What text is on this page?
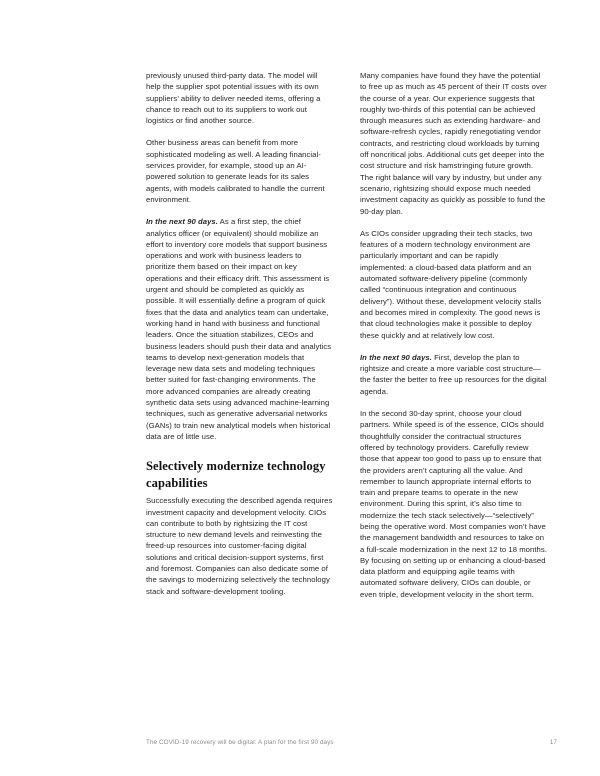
previously unused third-party data. The model will help the supplier spot potential issues with its own suppliers’ ability to deliver needed items, offering a chance to reach out to its suppliers to work out logistics or find another source.

Other business areas can benefit from more sophisticated modeling as well. A leading financial-services provider, for example, stood up an AI-powered solution to generate leads for its sales agents, with models calibrated to handle the current environment.

In the next 90 days. As a first step, the chief analytics officer (or equivalent) should mobilize an effort to inventory core models that support business operations and work with business leaders to prioritize them based on their impact on key operations and their efficacy drift. This assessment is urgent and should be completed as quickly as possible. It will essentially define a program of quick fixes that the data and analytics team can undertake, working hand in hand with business and functional leaders. Once the situation stabilizes, CEOs and business leaders should push their data and analytics teams to develop next-generation models that leverage new data sets and modeling techniques better suited for fast-changing environments. The more advanced companies are already creating synthetic data sets using advanced machine-learning techniques, such as generative adversarial networks (GANs) to train new analytical models when historical data are of little use.

Selectively modernize technology capabilities

Successfully executing the described agenda requires investment capacity and development velocity. CIOs can contribute to both by rightsizing the IT cost structure to new demand levels and reinvesting the freed-up resources into customer-facing digital solutions and critical decision-support systems, first and foremost. Companies can also dedicate some of the savings to modernizing selectively the technology stack and software-development tooling.

Many companies have found they have the potential to free up as much as 45 percent of their IT costs over the course of a year. Our experience suggests that roughly two-thirds of this potential can be achieved through measures such as extending hardware- and software-refresh cycles, rapidly renegotiating vendor contracts, and restricting cloud workloads by turning off noncritical jobs. Additional cuts get deeper into the cost structure and risk hamstringing future growth. The right balance will vary by industry, but under any scenario, rightsizing should expose much needed investment capacity as quickly as possible to fund the 90-day plan.

As CIOs consider upgrading their tech stacks, two features of a modern technology environment are particularly important and can be rapidly implemented: a cloud-based data platform and an automated software-delivery pipeline (commonly called “continuous integration and continuous delivery”). Without these, development velocity stalls and becomes mired in complexity. The good news is that cloud technologies make it possible to deploy these quickly and at relatively low cost.

In the next 90 days. First, develop the plan to rightsize and create a more variable cost structure—the faster the better to free up resources for the digital agenda.

In the second 30-day sprint, choose your cloud partners. While speed is of the essence, CIOs should thoughtfully consider the contractual structures offered by technology providers. Carefully review those that appear too good to pass up to ensure that the providers aren’t capturing all the value. And remember to launch appropriate internal efforts to train and prepare teams to operate in the new environment. During this sprint, it’s also time to modernize the tech stack selectively—“selectively” being the operative word. Most companies won’t have the management bandwidth and resources to take on a full-scale modernization in the next 12 to 18 months. By focusing on setting up or enhancing a cloud-based data platform and equipping agile teams with automated software delivery, CIOs can double, or even triple, development velocity in the short term.

The COVID-19 recovery will be digital: A plan for the first 90 days	17
